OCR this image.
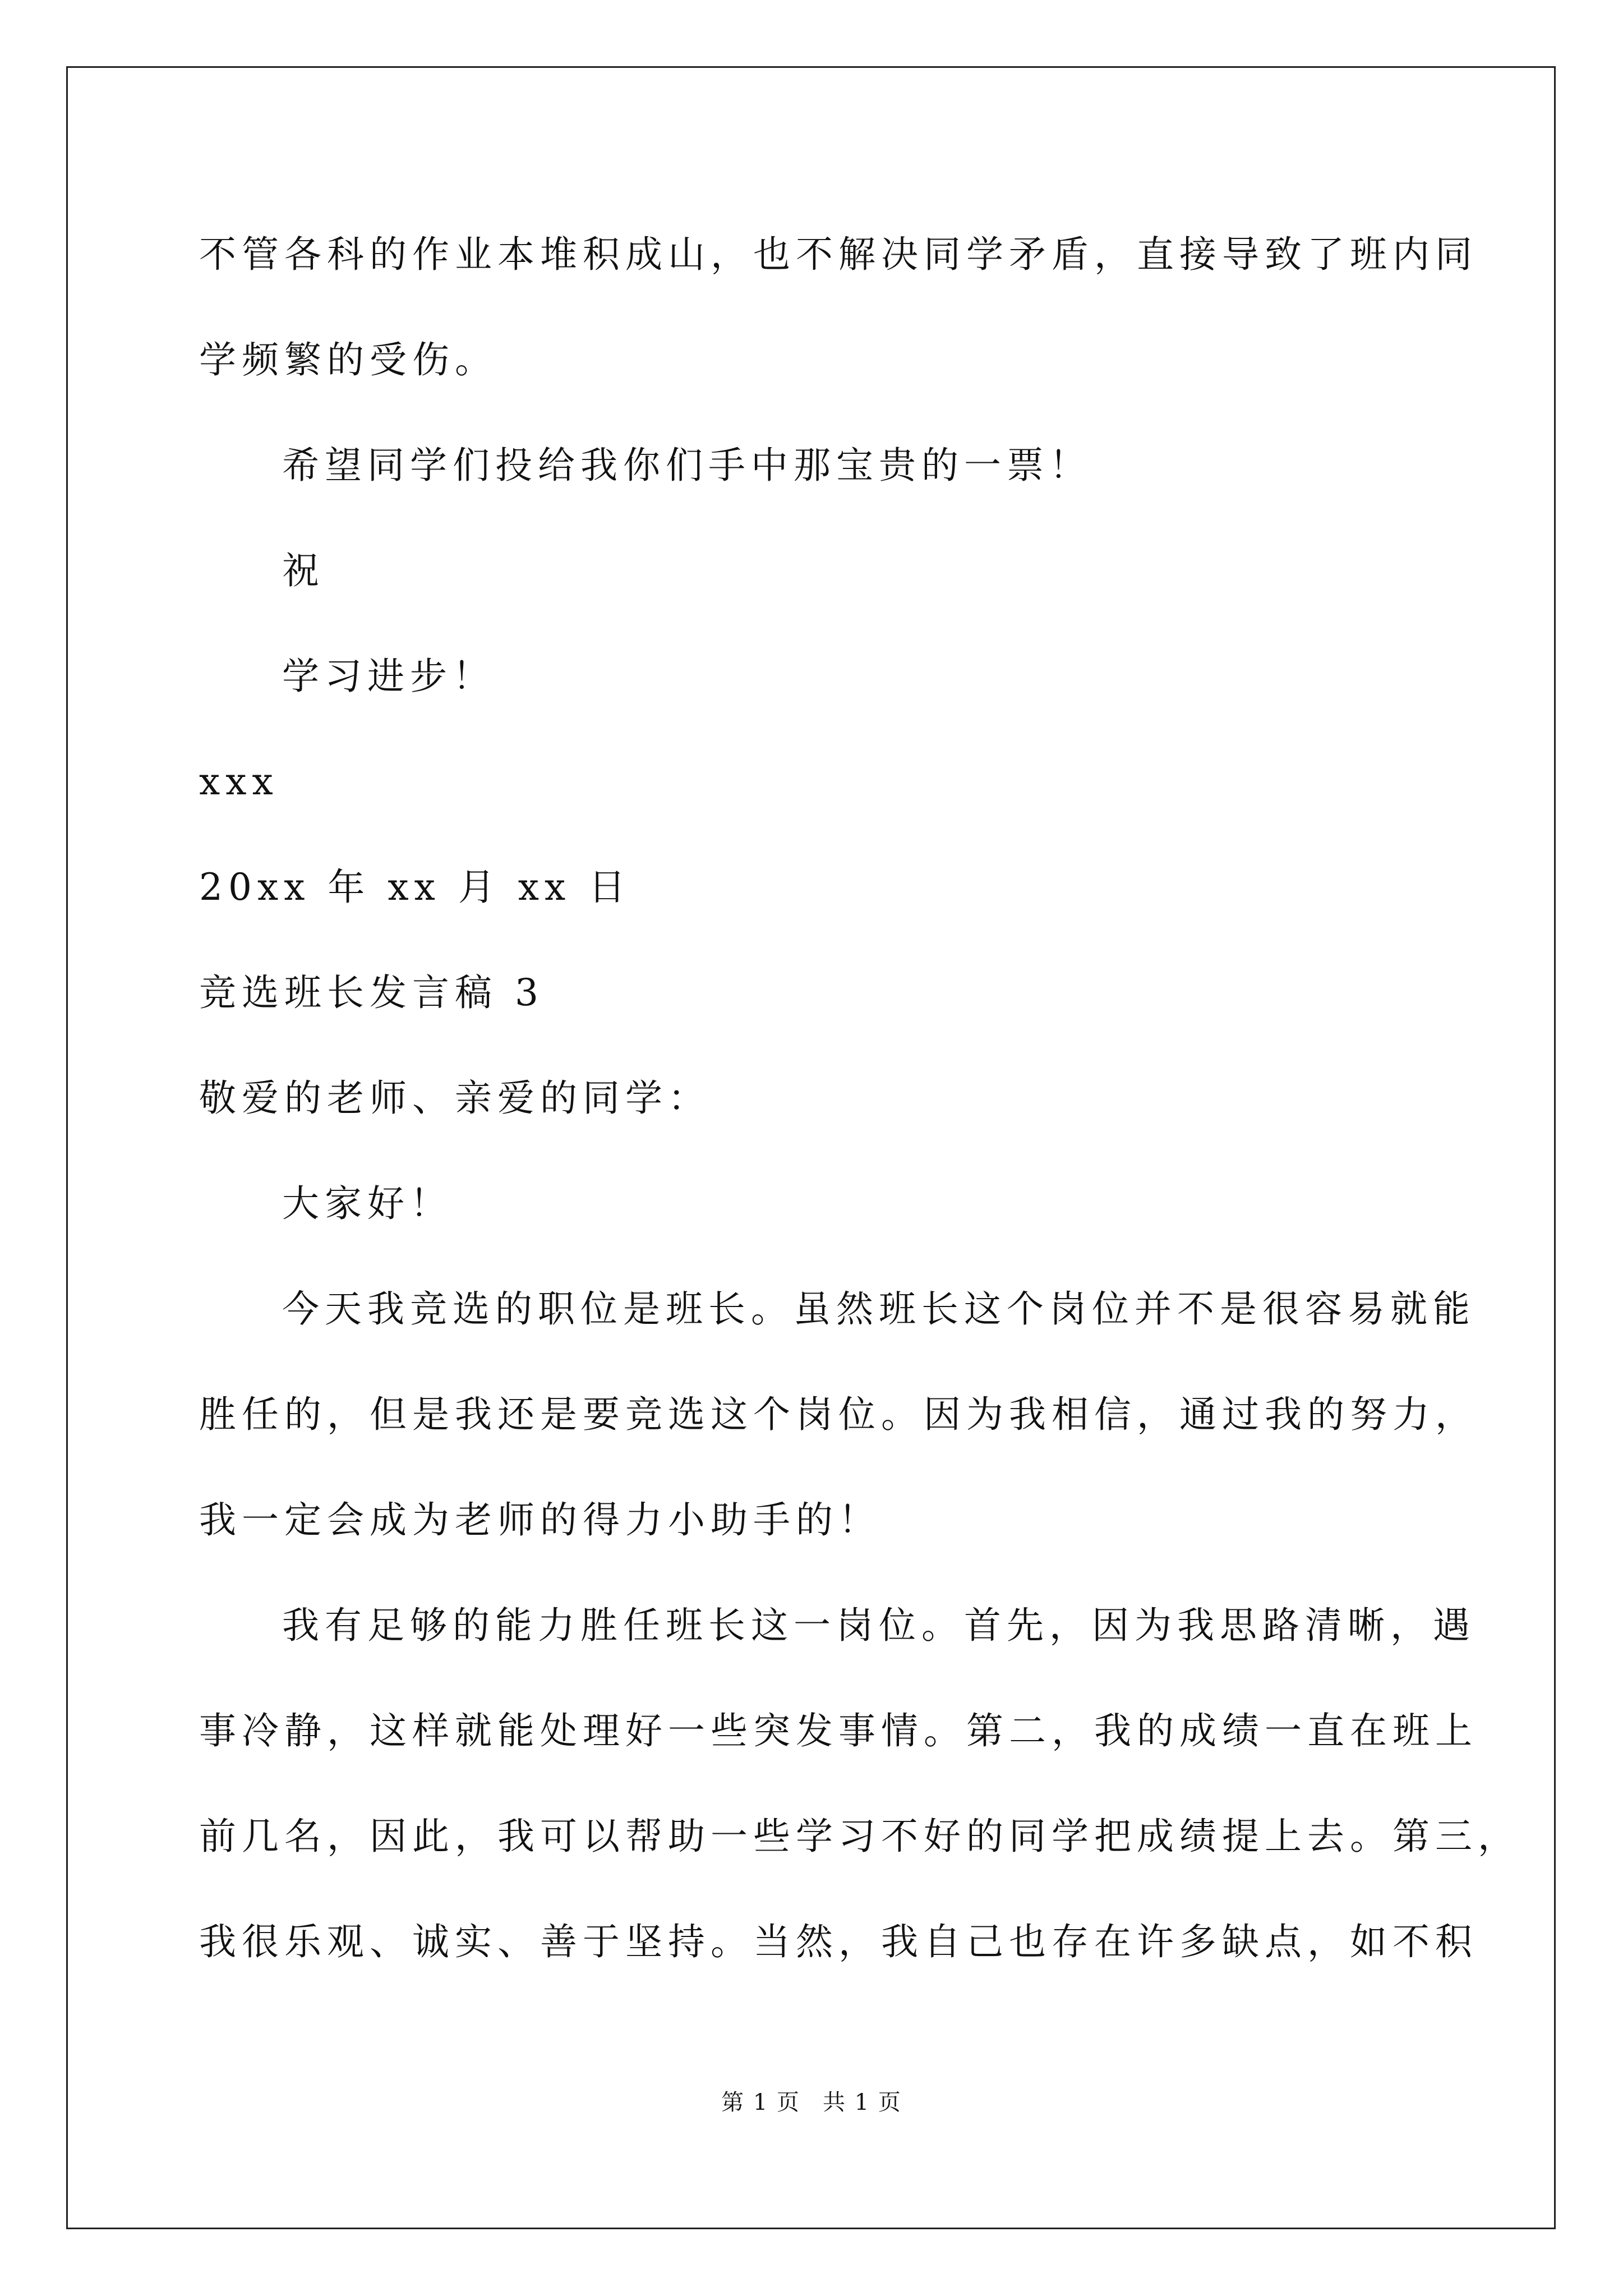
不管各科的作业本堆积成山，也不解决同学矛盾，直接导致了班内同
学频繁的受伤。
希望同学们投给我你们手中那宝贵的一票！
祝
学习进步！
xxx
20xx 年 xx 月 xx 日
竞选班长发言稿 3
敬爱的老师、亲爱的同学：
大家好！
今天我竞选的职位是班长。虽然班长这个岗位并不是很容易就能
胜任的，但是我还是要竞选这个岗位。因为我相信，通过我的努力，
我一定会成为老师的得力小助手的！
我有足够的能力胜任班长这一岗位。首先，因为我思路清晰，遇
事冷静，这样就能处理好一些突发事情。第二，我的成绩一直在班上
前几名，因此，我可以帮助一些学习不好的同学把成绩提上去。第三，
我很乐观、诚实、善于坚持。当然，我自己也存在许多缺点，如不积
第 1 页 共 1 页
